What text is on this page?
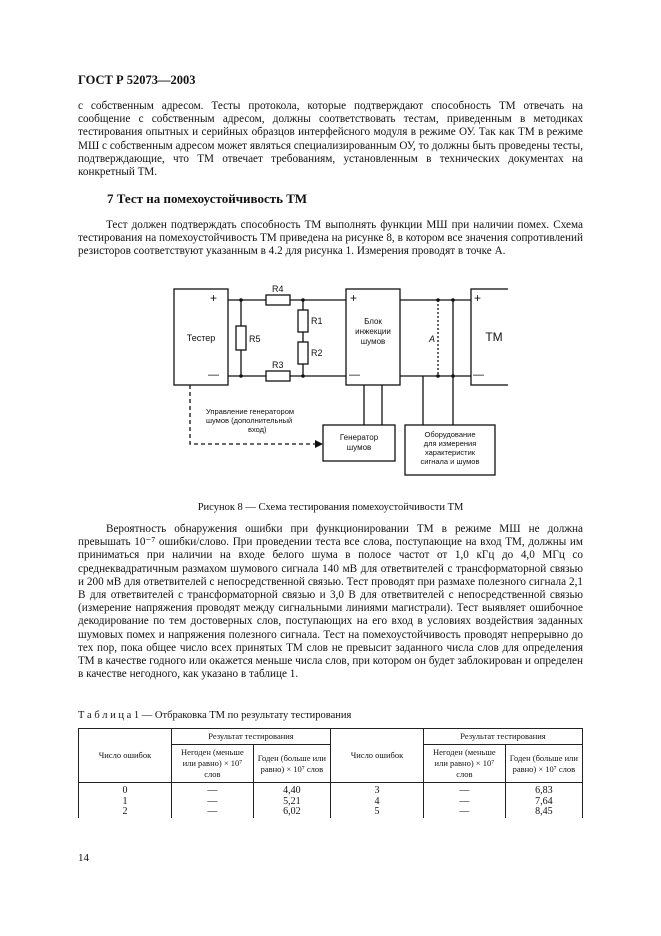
ГОСТ Р 52073—2003

с собственным адресом. Тесты протокола, которые подтверждают способность ТМ отвечать на сообщение с собственным адресом, должны соответствовать тестам, приведенным в методиках тестирования опытных и серийных образцов интерфейсного модуля в режиме ОУ. Так как ТМ в режиме МШ с собственным адресом может являться специализированным ОУ, то должны быть проведены тесты, подтверждающие, что ТМ отвечает требованиям, установленным в технических документах на конкретный ТМ.

7 Тест на помехоустойчивость ТМ

Тест должен подтверждать способность ТМ выполнять функции МШ при наличии помех. Схема тестирования на помехоустойчивость ТМ приведена на рисунке 8, в котором все значения сопротивлений резисторов соответствуют указанным в 4.2 для рисунка 1. Измерения проводят в точке A.

Тестер
+
—
Блок
инжекции
шумов
+
—
ТМ
+
—
R4
R1
R2
R3
R5	A
Генератор
шумов
Оборудование
для измерения
характеристик
сигнала и шумов
Управление генератором
шумов (дополнительный
вход)
Рисунок 8 — Схема тестирования помехоустойчивости ТМ

Вероятность обнаружения ошибки при функционировании ТМ в режиме МШ не должна превышать 10⁻⁷ ошибки/слово. При проведении теста все слова, поступающие на вход ТМ, должны им приниматься при наличии на входе белого шума в полосе частот от 1,0 кГц до 4,0 МГц со среднеквадратичным размахом шумового сигнала 140 мВ для ответвителей с трансформаторной связью и 200 мВ для ответвителей с непосредственной связью. Тест проводят при размахе полезного сигнала 2,1 В для ответвителей с трансформаторной связью и 3,0 В для ответвителей с непосредственной связью (измерение напряжения проводят между сигнальными линиями магистрали). Тест выявляет ошибочное декодирование по тем достоверных слов, поступающих на его вход в условиях воздействия заданных шумовых помех и напряжения полезного сигнала. Тест на помехоустойчивость проводят непрерывно до тех пор, пока общее число всех принятых ТМ слов не превысит заданного числа слов для определения ТМ в качестве годного или окажется меньше числа слов, при котором он будет заблокирован и определен в качестве негодного, как указано в таблице 1.

Т а б л и ц а 1 — Отбраковка ТМ по результату тестирования
Число ошибок	Результат тестирования		Число ошибок	Результат тестирования	
	Негоден (меньше или равно) × 10⁷ слов	Годен (больше или равно) × 10⁷ слов		Негоден (меньше или равно) × 10⁷ слов	Годен (больше или равно) × 10⁷ слов
0	—	4,40	3	—	6,83
1	—	5,21	4	—	7,64
2	—	6,02	5	—	8,45
14
